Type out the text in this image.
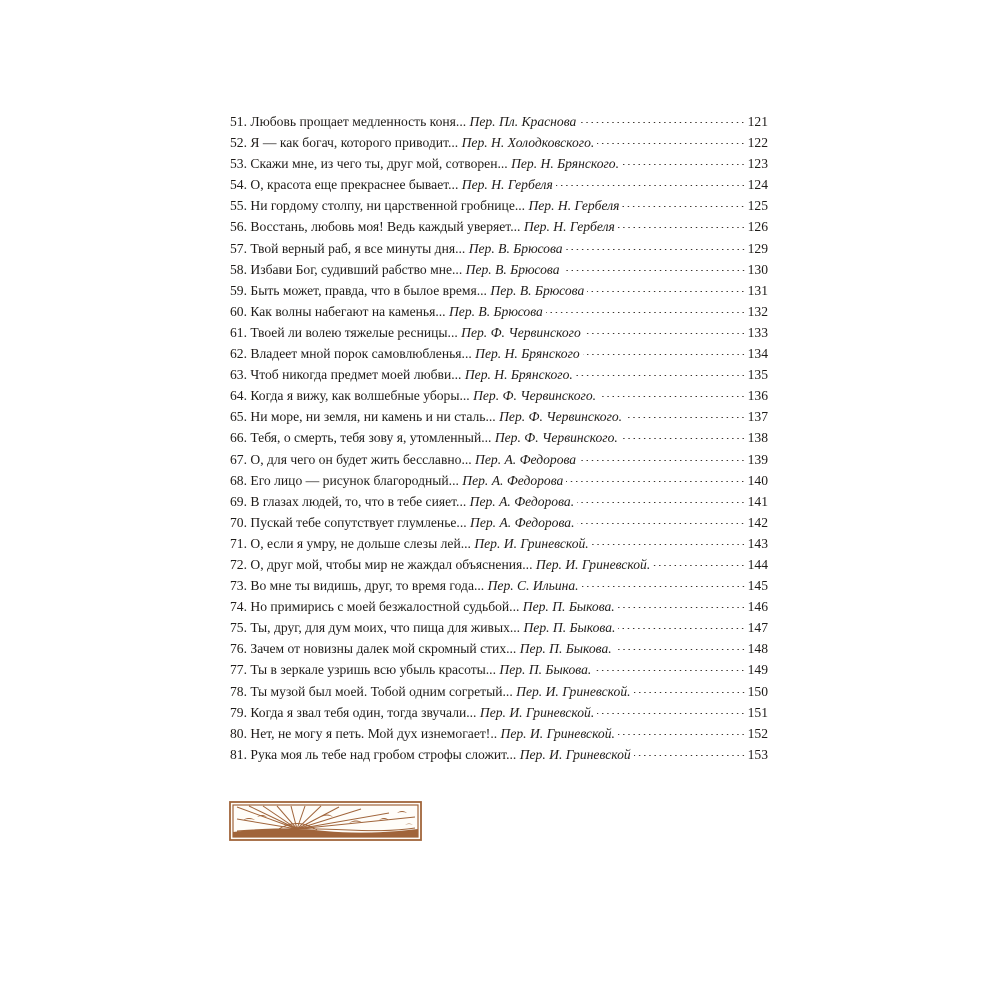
51. Любовь прощает медленность коня... Пер. Пл. Краснова	121
52. Я — как богач, которого приводит... Пер. Н. Холодковского.	122
53. Скажи мне, из чего ты, друг мой, сотворен... Пер. Н. Брянского.	123
54. О, красота еще прекраснее бывает... Пер. Н. Гербеля	124
55. Ни гордому столпу, ни царственной гробнице... Пер. Н. Гербеля	125
56. Восстань, любовь моя! Ведь каждый уверяет... Пер. Н. Гербеля	126
57. Твой верный раб, я все минуты дня... Пер. В. Брюсова	129
58. Избави Бог, судивший рабство мне... Пер. В. Брюсова	130
59. Быть может, правда, что в былое время... Пер. В. Брюсова	131
60. Как волны набегают на каменья... Пер. В. Брюсова	132
61. Твоей ли волею тяжелые ресницы... Пер. Ф. Червинского	133
62. Владеет мной порок самовлюбленья... Пер. Н. Брянского	134
63. Чтоб никогда предмет моей любви... Пер. Н. Брянского.	135
64. Когда я вижу, как волшебные уборы... Пер. Ф. Червинского.	136
65. Ни море, ни земля, ни камень и ни сталь... Пер. Ф. Червинского.	137
66. Тебя, о смерть, тебя зову я, утомленный... Пер. Ф. Червинского.	138
67. О, для чего он будет жить бесславно... Пер. А. Федорова	139
68. Его лицо — рисунок благородный... Пер. А. Федорова	140
69. В глазах людей, то, что в тебе сияет... Пер. А. Федорова.	141
70. Пускай тебе сопутствует глумленье... Пер. А. Федорова.	142
71. О, если я умру, не дольше слезы лей... Пер. И. Гриневской.	143
72. О, друг мой, чтобы мир не жаждал объяснения... Пер. И. Гриневской.	144
73. Во мне ты видишь, друг, то время года... Пер. С. Ильина.	145
74. Но примирись с моей безжалостной судьбой... Пер. П. Быкова.	146
75. Ты, друг, для дум моих, что пища для живых... Пер. П. Быкова.	147
76. Зачем от новизны далек мой скромный стих... Пер. П. Быкова.	148
77. Ты в зеркале узришь всю убыль красоты... Пер. П. Быкова.	149
78. Ты музой был моей. Тобой одним согретый... Пер. И. Гриневской.	150
79. Когда я звал тебя один, тогда звучали... Пер. И. Гриневской.	151
80. Нет, не могу я петь. Мой дух изнемогает!.. Пер. И. Гриневской.	152
81. Рука моя ль тебе над гробом строфы сложит... Пер. И. Гриневской	153
